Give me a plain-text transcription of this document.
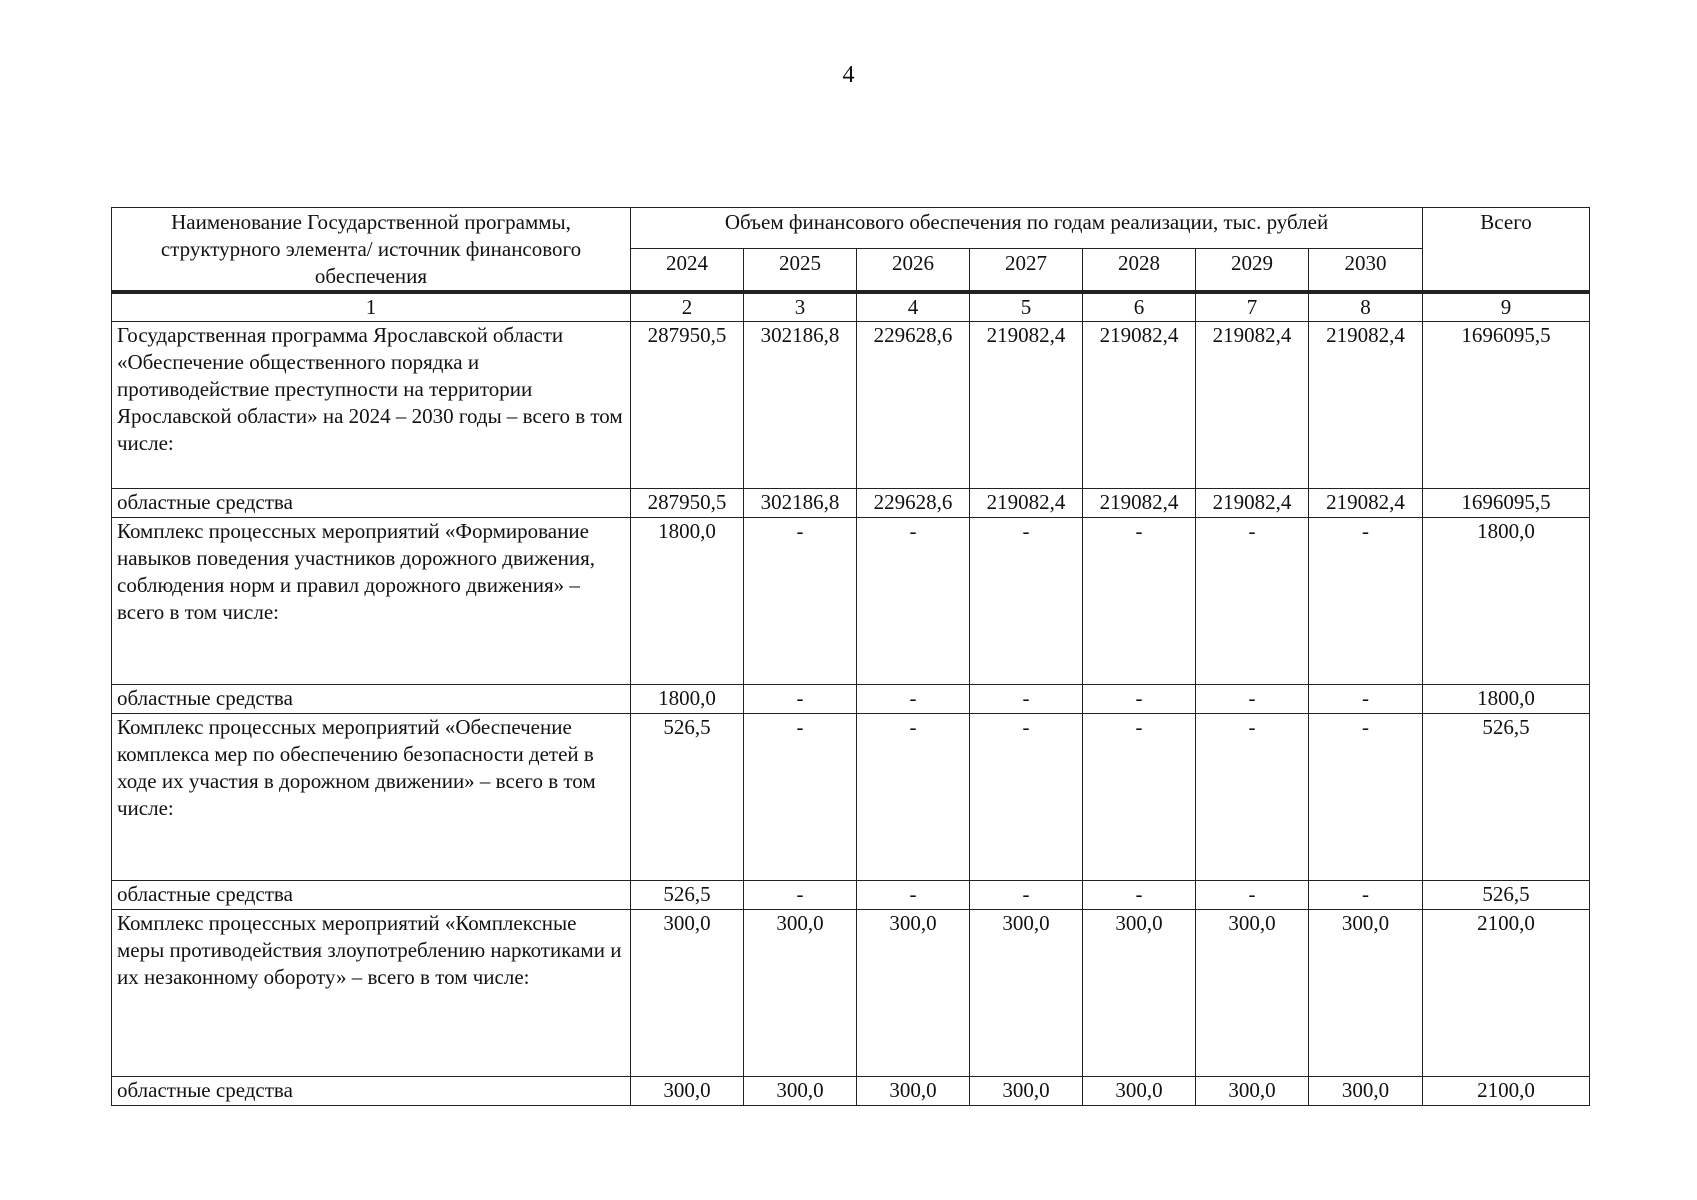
4
Наименование Государственной программы, структурного элемента/ источник финансового обеспечения	Объем финансового обеспечения по годам реализации, тыс. рублей							Всего
	2024	2025	2026	2027	2028	2029	2030	
1	2	3	4	5	6	7	8	9
Государственная программа Ярославской области «Обеспечение общественного порядка и противодействие преступности на территории Ярославской области» на 2024 – 2030 годы – всего в том числе:	287950,5	302186,8	229628,6	219082,4	219082,4	219082,4	219082,4	1696095,5
областные средства	287950,5	302186,8	229628,6	219082,4	219082,4	219082,4	219082,4	1696095,5
Комплекс процессных мероприятий «Формирование навыков поведения участников дорожного движения, соблюдения норм и правил дорожного движения» – всего в том числе:	1800,0	-	-	-	-	-	-	1800,0
областные средства	1800,0	-	-	-	-	-	-	1800,0
Комплекс процессных мероприятий «Обеспечение комплекса мер по обеспечению безопасности детей в ходе их участия в дорожном движении» – всего в том числе:	526,5	-	-	-	-	-	-	526,5
областные средства	526,5	-	-	-	-	-	-	526,5
Комплекс процессных мероприятий «Комплексные меры противодействия злоупотреблению наркотиками и их незаконному обороту» – всего в том числе:	300,0	300,0	300,0	300,0	300,0	300,0	300,0	2100,0
областные средства	300,0	300,0	300,0	300,0	300,0	300,0	300,0	2100,0
